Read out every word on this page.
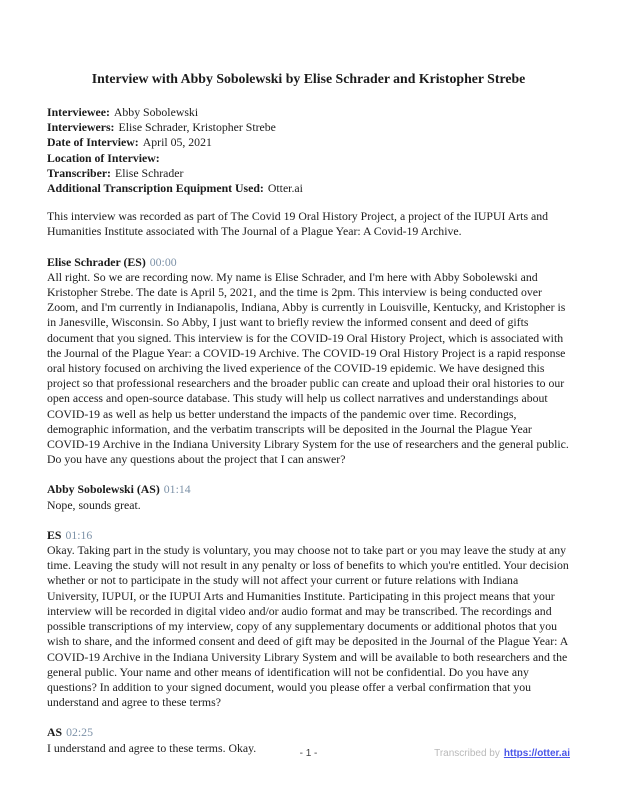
Interview with Abby Sobolewski by Elise Schrader and Kristopher Strebe
Interviewee: Abby Sobolewski
Interviewers: Elise Schrader, Kristopher Strebe
Date of Interview: April 05, 2021
Location of Interview:
Transcriber: Elise Schrader
Additional Transcription Equipment Used: Otter.ai

This interview was recorded as part of The Covid 19 Oral History Project, a project of the IUPUI Arts and Humanities Institute associated with The Journal of a Plague Year: A Covid-19 Archive.

Elise Schrader (ES) 00:00

All right. So we are recording now. My name is Elise Schrader, and I'm here with Abby Sobolewski and Kristopher Strebe. The date is April 5, 2021, and the time is 2pm. This interview is being conducted over Zoom, and I'm currently in Indianapolis, Indiana, Abby is currently in Louisville, Kentucky, and Kristopher is in Janesville, Wisconsin. So Abby, I just want to briefly review the informed consent and deed of gifts document that you signed. This interview is for the COVID-19 Oral History Project, which is associated with the Journal of the Plague Year: a COVID-19 Archive. The COVID-19 Oral History Project is a rapid response oral history focused on archiving the lived experience of the COVID-19 epidemic. We have designed this project so that professional researchers and the broader public can create and upload their oral histories to our open access and open-source database. This study will help us collect narratives and understandings about COVID-19 as well as help us better understand the impacts of the pandemic over time. Recordings, demographic information, and the verbatim transcripts will be deposited in the Journal the Plague Year COVID-19 Archive in the Indiana University Library System for the use of researchers and the general public. Do you have any questions about the project that I can answer?

Abby Sobolewski (AS) 01:14

Nope, sounds great.

ES 01:16

Okay. Taking part in the study is voluntary, you may choose not to take part or you may leave the study at any time. Leaving the study will not result in any penalty or loss of benefits to which you're entitled. Your decision whether or not to participate in the study will not affect your current or future relations with Indiana University, IUPUI, or the IUPUI Arts and Humanities Institute. Participating in this project means that your interview will be recorded in digital video and/or audio format and may be transcribed. The recordings and possible transcriptions of my interview, copy of any supplementary documents or additional photos that you wish to share, and the informed consent and deed of gift may be deposited in the Journal of the Plague Year: A COVID-19 Archive in the Indiana University Library System and will be available to both researchers and the general public. Your name and other means of identification will not be confidential. Do you have any questions? In addition to your signed document, would you please offer a verbal confirmation that you understand and agree to these terms?

AS 02:25

I understand and agree to these terms. Okay.	- 1 -	Transcribed by https://otter.ai
